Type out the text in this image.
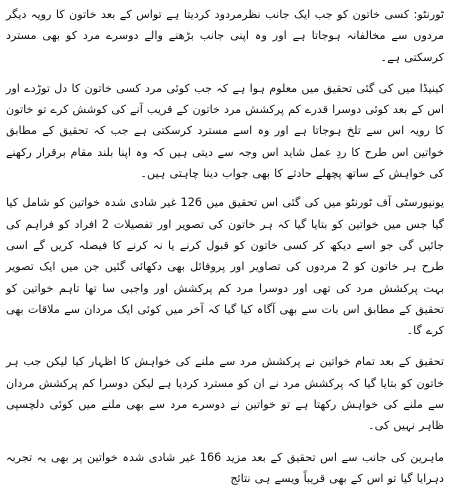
ٹورنٹو: کسی خاتون کو جب ایک جانب نظرمردود کردیتا ہے تواس کے بعد خاتون کا رویہ دیگر مردوں سے مخالفانہ ہوجاتا ہے اور وہ اپنی جانب بڑھنے والے دوسرے مرد کو بھی مسترد کرسکتی ہے۔

کینیڈا میں کی گئی تحقیق میں معلوم ہوا ہے کہ جب کوئی مرد کسی خاتون کا دل توڑدے اور اس کے بعد کوئی دوسرا قدرے کم پرکشش مرد خاتون کے قریب آنے کی کوشش کرے تو خاتون کا رویہ اس سے تلخ ہوجاتا ہے اور وہ اسے مسترد کرسکتی ہے جب کہ تحقیق کے مطابق خواتین اس طرح کا ردِ عمل شاید اس وجہ سے دیتی ہیں کہ وہ اپنا بلند مقام برقرار رکھنے کی خواہش کے ساتھ پچھلے حادثے کا بھی جواب دینا چاہتی ہیں۔

یونیورسٹی آف ٹورنٹو میں کی گئی اس تحقیق میں 126 غیر شادی شدہ خواتین کو شامل کیا گیا جس میں خواتین کو بتایا گیا کہ ہر خاتون کی تصویر اور تفصیلات 2 افراد کو فراہم کی جائیں گی جو اسے دیکھ کر کسی خاتون کو قبول کرنے یا نہ کرنے کا فیصلہ کریں گے اسی طرح ہر خاتون کو 2 مردوں کی تصاویر اور پروفائل بھی دکھائی گئیں جن میں ایک تصویر بہت پرکشش مرد کی تھی اور دوسرا مرد کم پرکشش اور واجبی سا تھا تاہم خواتین کو تحقیق کے مطابق اس بات سے بھی آگاہ کیا گیا کہ آخر میں کوئی ایک مردان سے ملاقات بھی کرے گا۔

تحقیق کے بعد تمام خواتین نے پرکشش مرد سے ملنے کی خواہش کا اظہار کیا لیکن جب ہر خاتون کو بتایا گیا کہ پرکشش مرد نے ان کو مسترد کردیا ہے لیکن دوسرا کم پرکشش مردان سے ملنے کی خواہش رکھتا ہے تو خواتین نے دوسرے مرد سے بھی ملنے میں کوئی دلچسپی ظاہر نہیں کی۔

ماہرین کی جانب سے اس تحقیق کے بعد مزید 166 غیر شادی شدہ خواتین پر بھی یہ تجربہ دہرایا گیا تو اس کے بھی قریباً ویسے ہی نتائج
